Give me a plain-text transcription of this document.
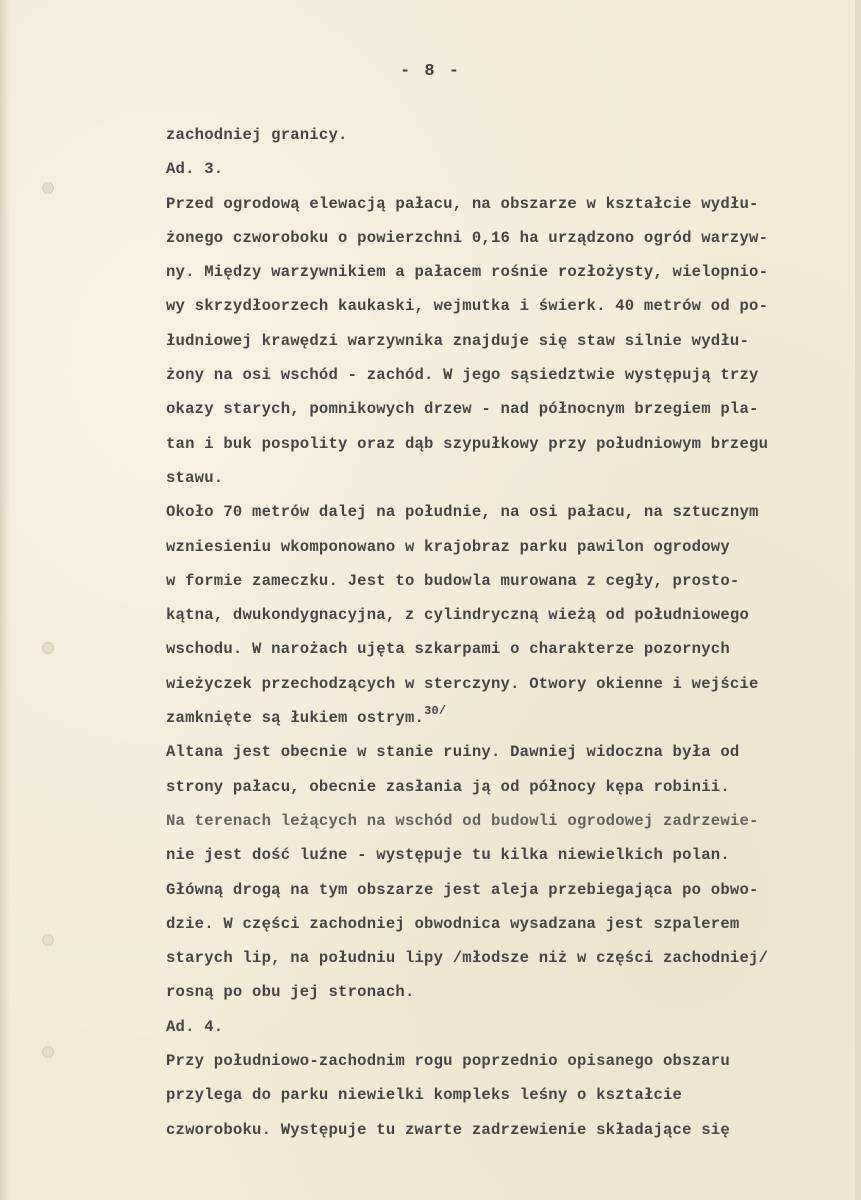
- 8 -
zachodniej granicy.
Ad. 3.
Przed ogrodową elewacją pałacu, na obszarze w kształcie wydłu-
żonego czworoboku o powierzchni 0,16 ha urządzono ogród warzyw-
ny. Między warzywnikiem a pałacem rośnie rozłożysty, wielopnio-
wy skrzydłoorzech kaukaski, wejmutka i świerk. 40 metrów od po-
łudniowej krawędzi warzywnika znajduje się staw silnie wydłu-
żony na osi wschód - zachód. W jego sąsiedztwie występują trzy
okazy starych, pomnikowych drzew - nad północnym brzegiem pla-
tan i buk pospolity oraz dąb szypułkowy przy południowym brzegu
stawu.
Około 70 metrów dalej na południe, na osi pałacu, na sztucznym
wzniesieniu wkomponowano w krajobraz parku pawilon ogrodowy
w formie zameczku. Jest to budowla murowana z cegły, prosto-
kątna, dwukondygnacyjna, z cylindryczną wieżą od południowego
wschodu. W narożach ujęta szkarpami o charakterze pozornych
wieżyczek przechodzących w sterczyny. Otwory okienne i wejście
zamknięte są łukiem ostrym.$^{30/}$
Altana jest obecnie w stanie ruiny. Dawniej widoczna była od
strony pałacu, obecnie zasłania ją od północy kępa robinii.
Na terenach leżących na wschód od budowli ogrodowej zadrzewie-
nie jest dość luźne - występuje tu kilka niewielkich polan.
Główną drogą na tym obszarze jest aleja przebiegająca po obwo-
dzie. W części zachodniej obwodnica wysadzana jest szpalerem
starych lip, na południu lipy /młodsze niż w części zachodniej/
rosną po obu jej stronach.
Ad. 4.
Przy południowo-zachodnim rogu poprzednio opisanego obszaru
przylega do parku niewielki kompleks leśny o kształcie
czworoboku. Występuje tu zwarte zadrzewienie składające się
